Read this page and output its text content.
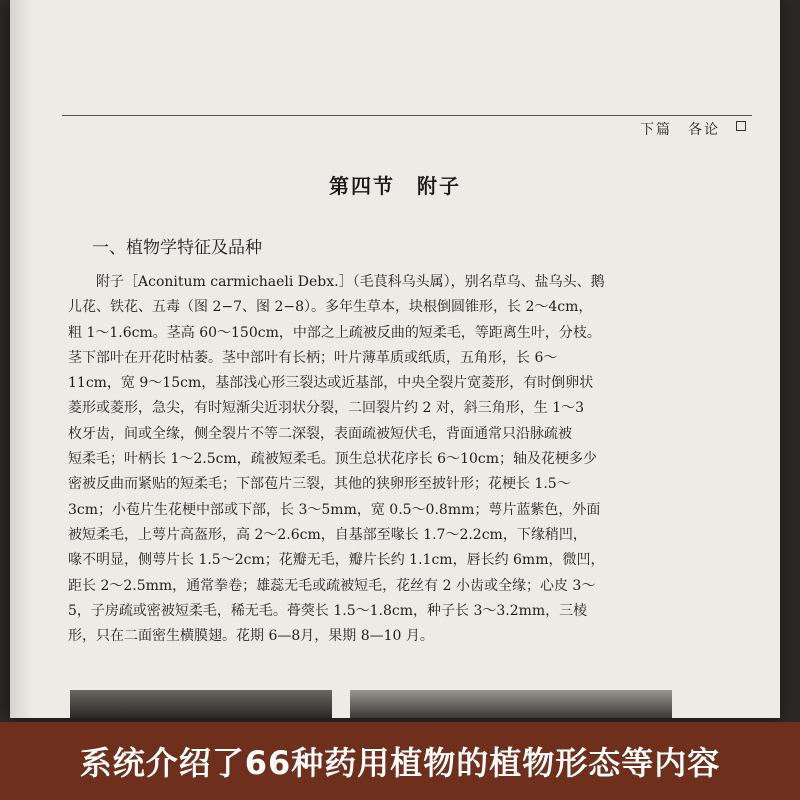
下篇　各论
第四节　附子
一、植物学特征及品种
附子［Aconitum carmichaeli Debx.］（毛茛科乌头属），别名草乌、盐乌头、鹅
儿花、铁花、五毒（图 2−7、图 2−8）。多年生草本，块根倒圆锥形，长 2～4cm，
粗 1～1.6cm。茎高 60～150cm，中部之上疏被反曲的短柔毛，等距离生叶，分枝。
茎下部叶在开花时枯萎。茎中部叶有长柄；叶片薄革质或纸质，五角形，长 6～
11cm，宽 9～15cm，基部浅心形三裂达或近基部，中央全裂片宽菱形，有时倒卵状
菱形或菱形，急尖，有时短渐尖近羽状分裂，二回裂片约 2 对，斜三角形，生 1～3
枚牙齿，间或全缘，侧全裂片不等二深裂，表面疏被短伏毛，背面通常只沿脉疏被
短柔毛；叶柄长 1～2.5cm，疏被短柔毛。顶生总状花序长 6～10cm；轴及花梗多少
密被反曲而紧贴的短柔毛；下部苞片三裂，其他的狭卵形至披针形；花梗长 1.5～
3cm；小苞片生花梗中部或下部，长 3～5mm，宽 0.5～0.8mm；萼片蓝紫色，外面
被短柔毛，上萼片高盔形，高 2～2.6cm，自基部至喙长 1.7～2.2cm，下缘稍凹，
喙不明显，侧萼片长 1.5～2cm；花瓣无毛，瓣片长约 1.1cm，唇长约 6mm，微凹，
距长 2～2.5mm，通常拳卷；雄蕊无毛或疏被短毛，花丝有 2 小齿或全缘；心皮 3～
5，子房疏或密被短柔毛，稀无毛。蓇葖长 1.5～1.8cm，种子长 3～3.2mm，三棱
形，只在二面密生横膜翅。花期 6—8月，果期 8—10 月。
系统介绍了66种药用植物的植物形态等内容
